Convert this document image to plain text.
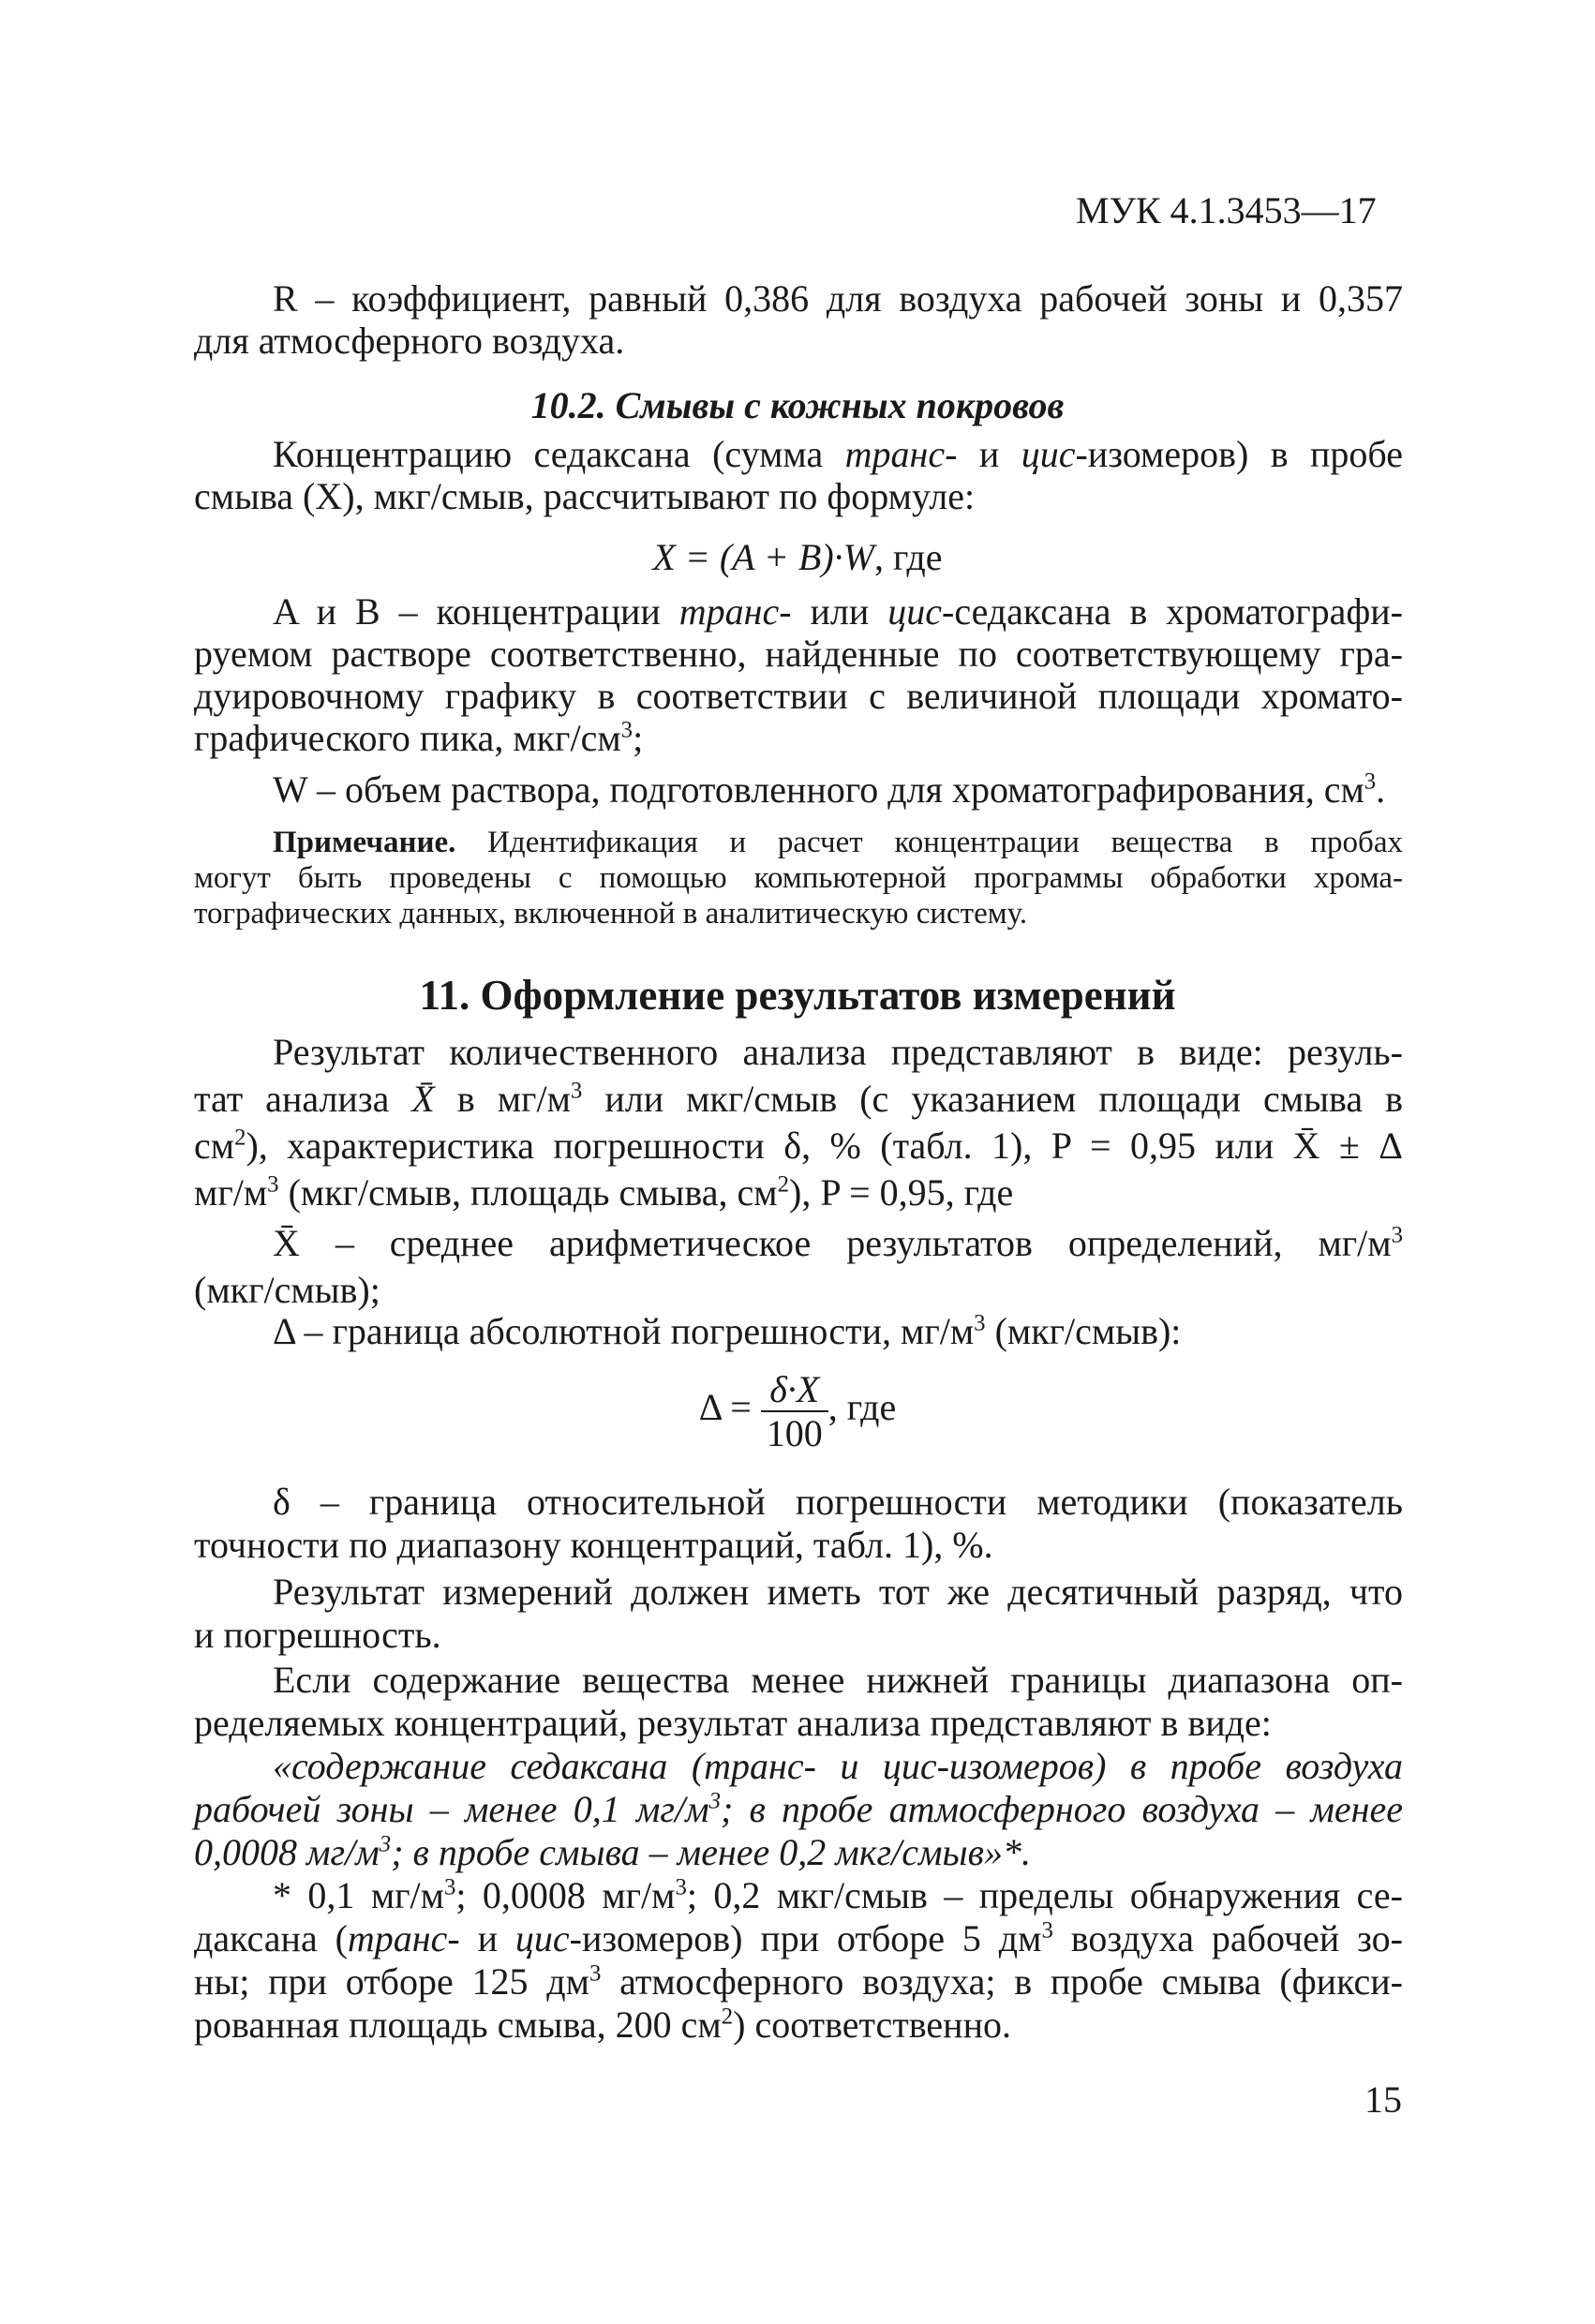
МУК 4.1.3453—17
R – коэффициент, равный 0,386 для воздуха рабочей зоны и 0,357
для атмосферного воздуха.
10.2. Смывы с кожных покровов
Концентрацию седаксана (сумма транс- и цис-изомеров) в пробе
смыва (X), мкг/смыв, рассчитывают по формуле:
X = (A + B)·W, где
A и B – концентрации транс- или цис-седаксана в хроматографи-
руемом растворе соответственно, найденные по соответствующему гра-
дуировочному графику в соответствии с величиной площади хромато-
графического пика, мкг/$см^3$;
W – объем раствора, подготовленного для хроматографирования, $см^3$.
Примечание. Идентификация и расчет концентрации вещества в пробах
могут быть проведены с помощью компьютерной программы обработки хрома-
тографических данных, включенной в аналитическую систему.
11. Оформление результатов измерений
Результат количественного анализа представляют в виде: резуль-
тат анализа X̄ в $мг/м^3$ или мкг/смыв (с указанием площади смыва в
$см^2$), характеристика погрешности δ, % (табл. 1), P = 0,95 или X̄ ± Δ
$мг/м^3$ (мкг/смыв, площадь смыва, $см^2$), P = 0,95, где
X̄ – среднее арифметическое результатов определений, $мг/м^3$
(мкг/смыв);
Δ – граница абсолютной погрешности, $мг/м^3$ (мкг/смыв):
$\Delta = \frac{\delta\cdot X}{100}$ , где
δ – граница относительной погрешности методики (показатель
точности по диапазону концентраций, табл. 1), %.
Результат измерений должен иметь тот же десятичный разряд, что
и погрешность.
Если содержание вещества менее нижней границы диапазона оп-
ределяемых концентраций, результат анализа представляют в виде:
«содержание седаксана (транс- и цис-изомеров) в пробе воздуха
рабочей зоны – менее 0,1 $мг/м^3$; в пробе атмосферного воздуха – менее
0,0008 $мг/м^3$; в пробе смыва – менее 0,2 мкг/смыв»*.
* 0,1 $мг/м^3$; 0,0008 $мг/м^3$; 0,2 мкг/смыв – пределы обнаружения се-
даксана (транс- и цис-изомеров) при отборе 5 $дм^3$ воздуха рабочей зо-
ны; при отборе 125 $дм^3$ атмосферного воздуха; в пробе смыва (фикси-
рованная площадь смыва, 200 $см^2$) соответственно.
15
